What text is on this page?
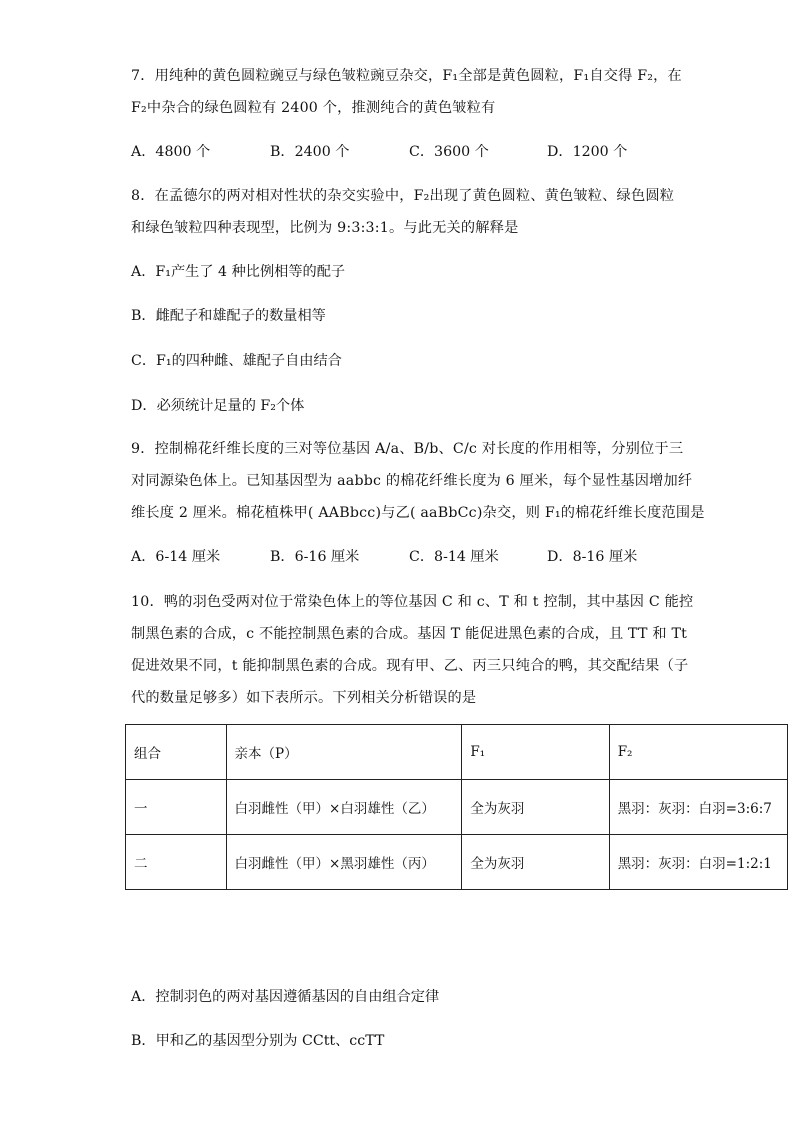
7．用纯种的黄色圆粒豌豆与绿色皱粒豌豆杂交，F₁全部是黄色圆粒，F₁自交得 F₂，在
F₂中杂合的绿色圆粒有 2400 个，推测纯合的黄色皱粒有
A．4800 个	B．2400 个	C．3600 个	D．1200 个
8．在孟德尔的两对相对性状的杂交实验中，F₂出现了黄色圆粒、黄色皱粒、绿色圆粒
和绿色皱粒四种表现型，比例为 9:3:3:1。与此无关的解释是
A．F₁产生了 4 种比例相等的配子
B．雌配子和雄配子的数量相等
C．F₁的四种雌、雄配子自由结合
D．必须统计足量的 F₂个体
9．控制棉花纤维长度的三对等位基因 A/a、B/b、C/c 对长度的作用相等，分别位于三
对同源染色体上。已知基因型为 aabbc 的棉花纤维长度为 6 厘米，每个显性基因增加纤
维长度 2 厘米。棉花植株甲( AABbcc)与乙( aaBbCc)杂交，则 F₁的棉花纤维长度范围是
A．6-14 厘米	B．6-16 厘米	C．8-14 厘米	D．8-16 厘米
10．鸭的羽色受两对位于常染色体上的等位基因 C 和 c、T 和 t 控制，其中基因 C 能控
制黑色素的合成，c 不能控制黑色素的合成。基因 T 能促进黑色素的合成，且 TT 和 Tt
促进效果不同，t 能抑制黑色素的合成。现有甲、乙、丙三只纯合的鸭，其交配结果（子
代的数量足够多）如下表所示。下列相关分析错误的是
组合	亲本（P）	F₁	F₂
一	白羽雌性（甲）×白羽雄性（乙）	全为灰羽	黑羽：灰羽：白羽=3:6:7
二	白羽雌性（甲）×黑羽雄性（丙）	全为灰羽	黑羽：灰羽：白羽=1:2:1
A．控制羽色的两对基因遵循基因的自由组合定律
B．甲和乙的基因型分别为 CCtt、ccTT
